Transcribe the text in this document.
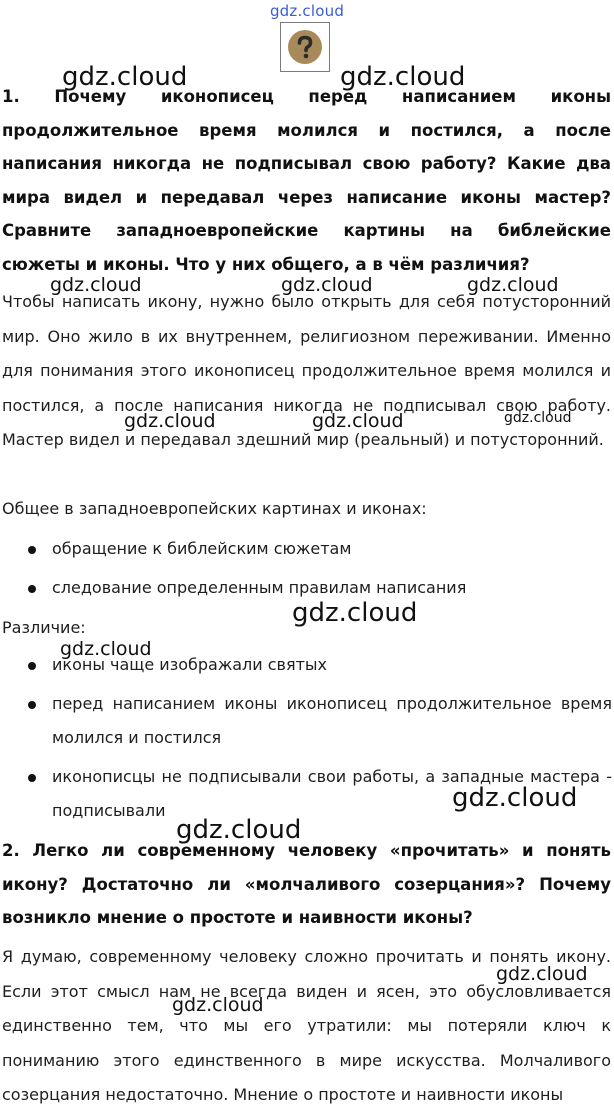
gdz.cloud

1. Почему иконописец перед написанием иконы продолжительное время молился и постился, а после написания никогда не подписывал свою работу? Какие два мира видел и передавал через написание иконы мастер? Сравните западноевропейские картины на библейские сюжеты и иконы. Что у них общего, а в чём различия?

Чтобы написать икону, нужно было открыть для себя потусторонний мир. Оно жило в их внутреннем, религиозном переживании. Именно для понимания этого иконописец продолжительное время молился и постился, а после написания никогда не подписывал свою работу. Мастер видел и передавал здешний мир (реальный) и потусторонний.

Общее в западноевропейских картинах и иконах:

обращение к библейским сюжетам
следование определенным правилам написания

Различие:

иконы чаще изображали святых
перед написанием иконы иконописец продолжительное время молился и постился
иконописцы не подписывали свои работы, а западные мастера - подписывали

2. Легко ли современному человеку «прочитать» и понять икону? Достаточно ли «молчаливого созерцания»? Почему возникло мнение о простоте и наивности иконы?

Я думаю, современному человеку сложно прочитать и понять икону. Если этот смысл нам не всегда виден и ясен, это обусловливается единственно тем, что мы его утратили: мы потеряли ключ к пониманию этого единственного в мире искусства. Молчаливого созерцания недостаточно. Мнение о простоте и наивности иконы

gdz.cloud	gdz.cloud
gdz.cloud	gdz.cloud	gdz.cloud
gdz.cloud	gdz.cloud	gdz.cloud
gdz.cloud
gdz.cloud
gdz.cloud
gdz.cloud
gdz.cloud
gdz.cloud
